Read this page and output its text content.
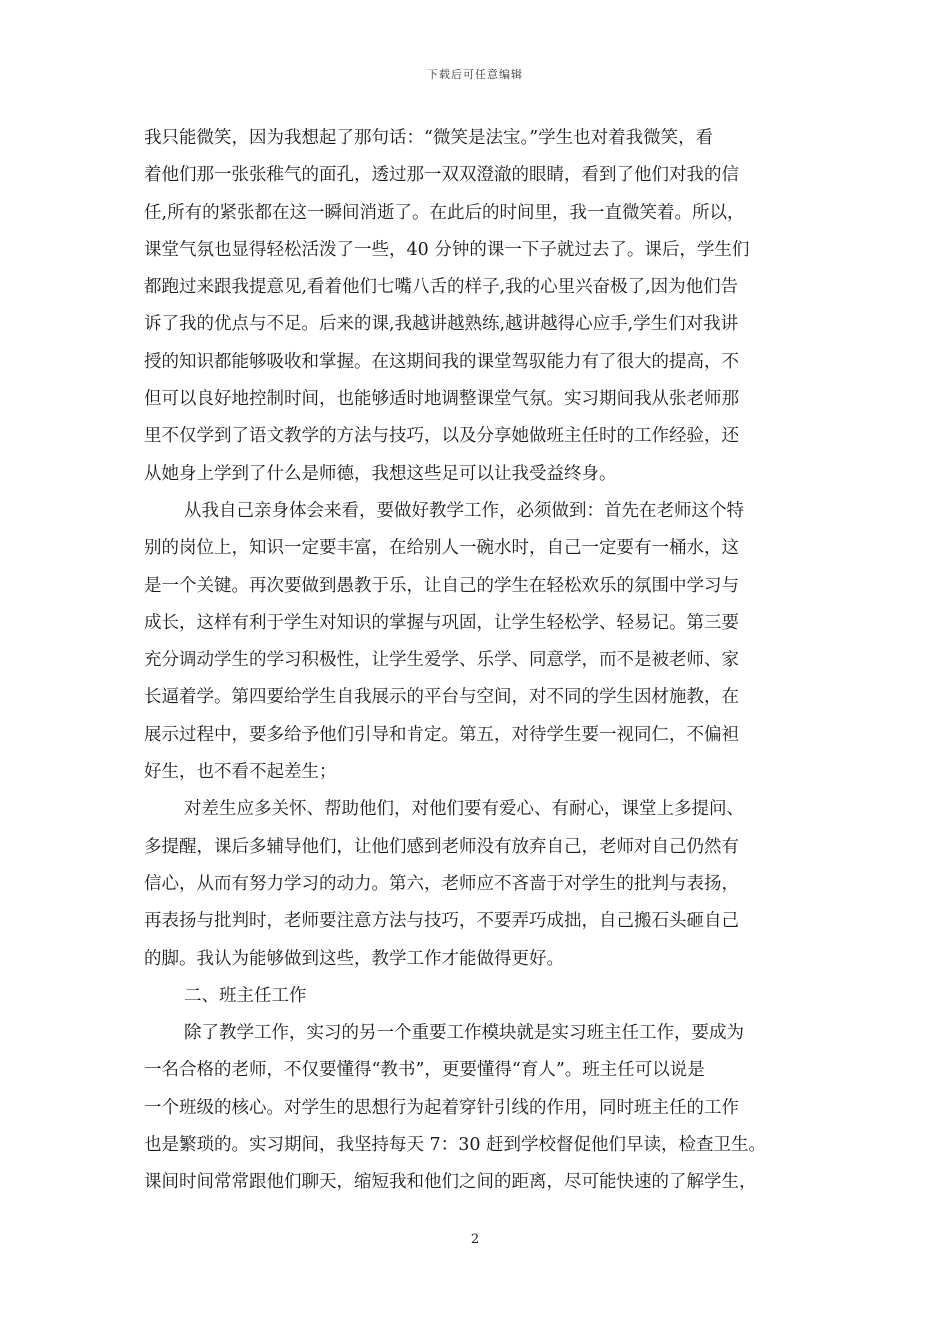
下载后可任意编辑
我只能微笑，因为我想起了那句话：“微笑是法宝。”学生也对着我微笑，看
着他们那一张张稚气的面孔，透过那一双双澄澈的眼睛，看到了他们对我的信
任,所有的紧张都在这一瞬间消逝了。在此后的时间里，我一直微笑着。所以，
课堂气氛也显得轻松活泼了一些，40 分钟的课一下子就过去了。课后，学生们
都跑过来跟我提意见,看着他们七嘴八舌的样子,我的心里兴奋极了,因为他们告
诉了我的优点与不足。后来的课,我越讲越熟练,越讲越得心应手,学生们对我讲
授的知识都能够吸收和掌握。在这期间我的课堂驾驭能力有了很大的提高，不
但可以良好地控制时间，也能够适时地调整课堂气氛。实习期间我从张老师那
里不仅学到了语文教学的方法与技巧，以及分享她做班主任时的工作经验，还
从她身上学到了什么是师德，我想这些足可以让我受益终身。
从我自己亲身体会来看，要做好教学工作，必须做到：首先在老师这个特
别的岗位上，知识一定要丰富，在给别人一碗水时，自己一定要有一桶水，这
是一个关键。再次要做到愚教于乐，让自己的学生在轻松欢乐的氛围中学习与
成长，这样有利于学生对知识的掌握与巩固，让学生轻松学、轻易记。第三要
充分调动学生的学习积极性，让学生爱学、乐学、同意学，而不是被老师、家
长逼着学。第四要给学生自我展示的平台与空间，对不同的学生因材施教，在
展示过程中，要多给予他们引导和肯定。第五，对待学生要一视同仁，不偏袒
好生，也不看不起差生；
对差生应多关怀、帮助他们，对他们要有爱心、有耐心，课堂上多提问、
多提醒，课后多辅导他们，让他们感到老师没有放弃自己，老师对自己仍然有
信心，从而有努力学习的动力。第六，老师应不吝啬于对学生的批判与表扬，
再表扬与批判时，老师要注意方法与技巧，不要弄巧成拙，自己搬石头砸自己
的脚。我认为能够做到这些，教学工作才能做得更好。
二、班主任工作
除了教学工作，实习的另一个重要工作模块就是实习班主任工作，要成为
一名合格的老师，不仅要懂得“教书”，更要懂得“育人”。班主任可以说是
一个班级的核心。对学生的思想行为起着穿针引线的作用，同时班主任的工作
也是繁琐的。实习期间，我坚持每天 7：30 赶到学校督促他们早读，检查卫生。
课间时间常常跟他们聊天，缩短我和他们之间的距离，尽可能快速的了解学生，
2
